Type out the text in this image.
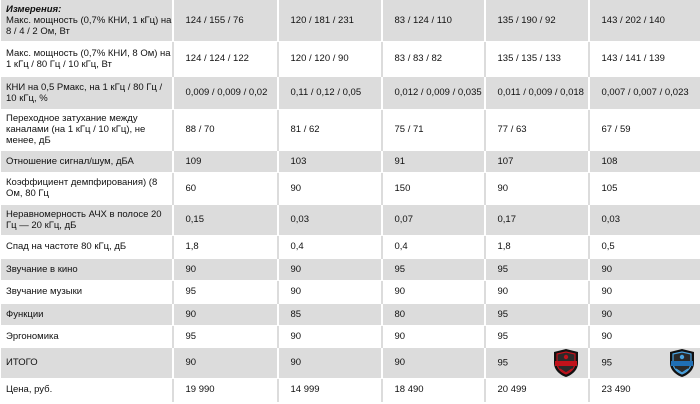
Измерения:
Макс. мощность (0,7% КНИ, 1 кГц) на 8 / 4 / 2 Ом, Вт	124 / 155 / 76	120 / 181 / 231	83 / 124 / 110	135 / 190 / 92	143 / 202 / 140
Макс. мощность (0,7% КНИ, 8 Ом) на 1 кГц / 80 Гц / 10 кГц, Вт	124 / 124 / 122	120 / 120 / 90	83 / 83 / 82	135 / 135 / 133	143 / 141 / 139
КНИ на 0,5 Рмакс, на 1 кГц / 80 Гц / 10 кГц, %	0,009 / 0,009 / 0,02	0,11 / 0,12 / 0,05	0,012 / 0,009 / 0,035	0,011 / 0,009 / 0,018	0,007 / 0,007 / 0,023
Переходное затухание между каналами (на 1 кГц / 10 кГц), не менее, дБ	88 / 70	81 / 62	75 / 71	77 / 63	67 / 59
Отношение сигнал/шум, дБА	109	103	91	107	108
Коэффициент демпфирования) (8 Ом, 80 Гц	60	90	150	90	105
Неравномерность АЧХ в полосе 20 Гц — 20 кГц, дБ	0,15	0,03	0,07	0,17	0,03
Спад на частоте 80 кГц, дБ	1,8	0,4	0,4	1,8	0,5
Звучание в кино	90	90	95	95	90
Звучание музыки	95	90	90	90	90
Функции	90	85	80	95	90
Эргономика	95	90	90	95	90
ИТОГО	90	90	90	95	95
Цена, руб.	19 990	14 999	18 490	20 499	23 490
